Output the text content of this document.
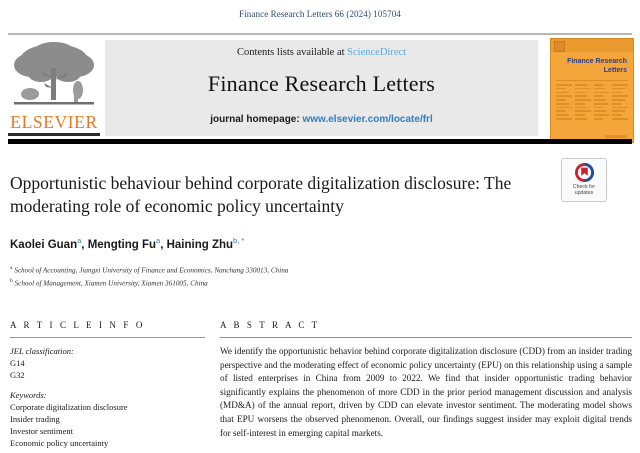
Finance Research Letters 66 (2024) 105704
ELSEVIER
Contents lists available at ScienceDirect
Finance Research Letters
journal homepage: www.elsevier.com/locate/frl
Finance Research
Letters
Check for
updates
Opportunistic behaviour behind corporate digitalization disclosure: The moderating role of economic policy uncertainty
Kaolei Guan$^a$, Mengting Fu$^a$, Haining Zhu$^{b, *}$
$^a$ School of Accounting, Jiangxi University of Finance and Economics, Nanchang 330013, China
$^b$ School of Management, Xiamen University, Xiamen 361005, China
A R T I C L E I N F O
JEL classification:
G14
G32
Keywords:
Corporate digitalization disclosure
Insider trading
Investor sentiment
Economic policy uncertainty
A B S T R A C T
We identify the opportunistic behavior behind corporate digitalization disclosure (CDD) from an insider trading perspective and the moderating effect of economic policy uncertainty (EPU) on this relationship using a sample of listed enterprises in China from 2009 to 2022. We find that insider opportunistic trading behavior significantly explains the phenomenon of more CDD in the prior period management discussion and analysis (MD&A) of the annual report, driven by CDD can elevate investor sentiment. The moderating model shows that EPU worsens the observed phenomenon. Overall, our findings suggest insider may exploit digital trends for self-interest in emerging capital markets.
